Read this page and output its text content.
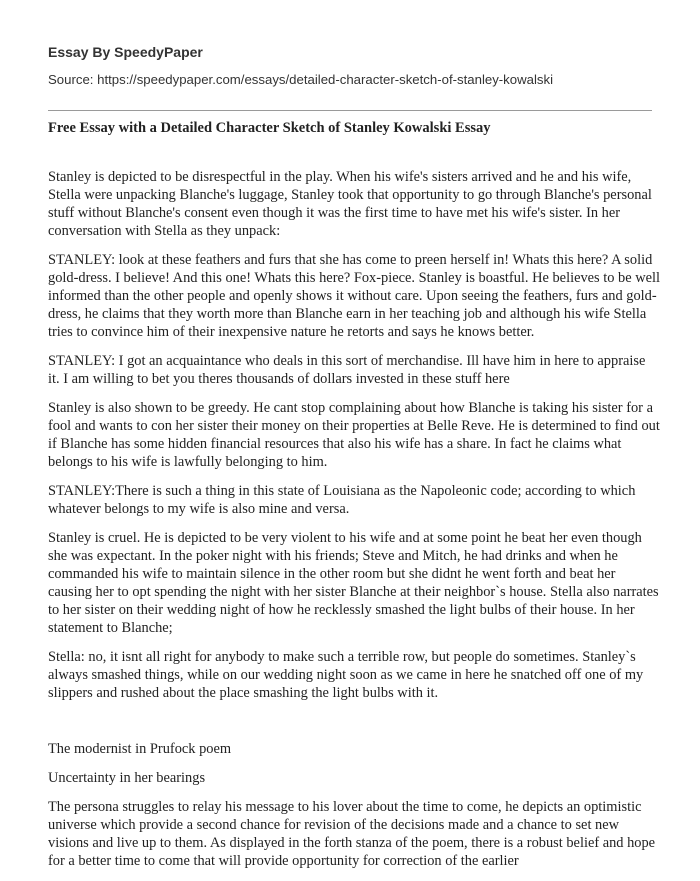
Essay By SpeedyPaper
Source: https://speedypaper.com/essays/detailed-character-sketch-of-stanley-kowalski
Free Essay with a Detailed Character Sketch of Stanley Kowalski Essay

Stanley is depicted to be disrespectful in the play. When his wife's sisters arrived and he and his wife, Stella were unpacking Blanche's luggage, Stanley took that opportunity to go through Blanche's personal stuff without Blanche's consent even though it was the first time to have met his wife's sister. In her conversation with Stella as they unpack:

STANLEY: look at these feathers and furs that she has come to preen herself in! Whats this here? A solid gold-dress. I believe! And this one! Whats this here? Fox-piece. Stanley is boastful. He believes to be well informed than the other people and openly shows it without care. Upon seeing the feathers, furs and gold-dress, he claims that they worth more than Blanche earn in her teaching job and although his wife Stella tries to convince him of their inexpensive nature he retorts and says he knows better.

STANLEY: I got an acquaintance who deals in this sort of merchandise. Ill have him in here to appraise it. I am willing to bet you theres thousands of dollars invested in these stuff here

Stanley is also shown to be greedy. He cant stop complaining about how Blanche is taking his sister for a fool and wants to con her sister their money on their properties at Belle Reve. He is determined to find out if Blanche has some hidden financial resources that also his wife has a share. In fact he claims what belongs to his wife is lawfully belonging to him.

STANLEY:There is such a thing in this state of Louisiana as the Napoleonic code; according to which whatever belongs to my wife is also mine and versa.

Stanley is cruel. He is depicted to be very violent to his wife and at some point he beat her even though she was expectant. In the poker night with his friends; Steve and Mitch, he had drinks and when he commanded his wife to maintain silence in the other room but she didnt he went forth and beat her causing her to opt spending the night with her sister Blanche at their neighbor`s house. Stella also narrates to her sister on their wedding night of how he recklessly smashed the light bulbs of their house. In her statement to Blanche;

Stella: no, it isnt all right for anybody to make such a terrible row, but people do sometimes. Stanley`s always smashed things, while on our wedding night soon as we came in here he snatched off one of my slippers and rushed about the place smashing the light bulbs with it.

The modernist in Prufock poem

Uncertainty in her bearings

The persona struggles to relay his message to his lover about the time to come, he depicts an optimistic universe which provide a second chance for revision of the decisions made and a chance to set new visions and live up to them. As displayed in the forth stanza of the poem, there is a robust belief and hope for a better time to come that will provide opportunity for correction of the earlier
